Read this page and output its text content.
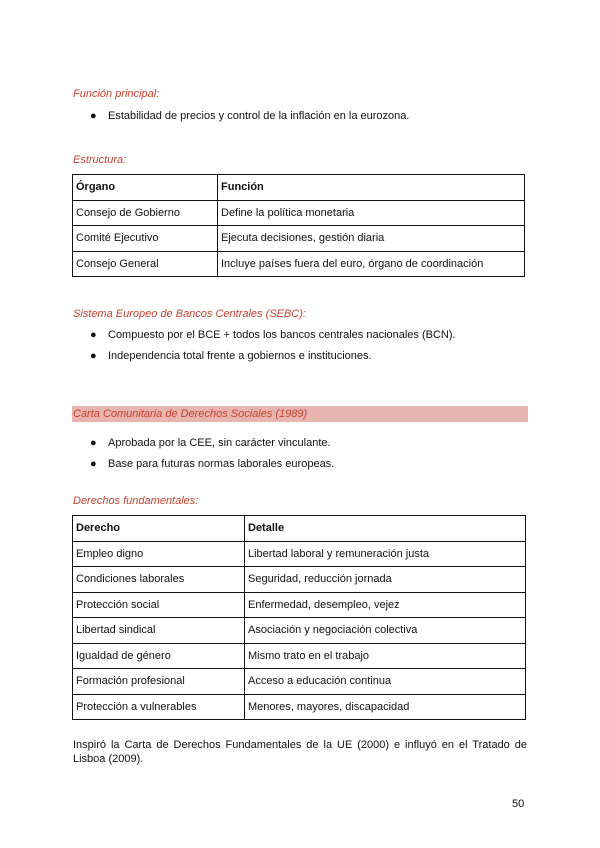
Función principal:
● Estabilidad de precios y control de la inflación en la eurozona.
Estructura:
Órgano	Función
Consejo de Gobierno	Define la política monetaria
Comité Ejecutivo	Ejecuta decisiones, gestión diaria
Consejo General	Incluye países fuera del euro, órgano de coordinación
Sistema Europeo de Bancos Centrales (SEBC):
● Compuesto por el BCE + todos los bancos centrales nacionales (BCN).
● Independencia total frente a gobiernos e instituciones.
Carta Comunitaria de Derechos Sociales (1989)
● Aprobada por la CEE, sin carácter vinculante.
● Base para futuras normas laborales europeas.
Derechos fundamentales:
Derecho	Detalle
Empleo digno	Libertad laboral y remuneración justa
Condiciones laborales	Seguridad, reducción jornada
Protección social	Enfermedad, desempleo, vejez
Libertad sindical	Asociación y negociación colectiva
Igualdad de género	Mismo trato en el trabajo
Formación profesional	Acceso a educación continua
Protección a vulnerables	Menores, mayores, discapacidad
Inspiró la Carta de Derechos Fundamentales de la UE (2000) e influyó en el Tratado de Lisboa (2009).
50
